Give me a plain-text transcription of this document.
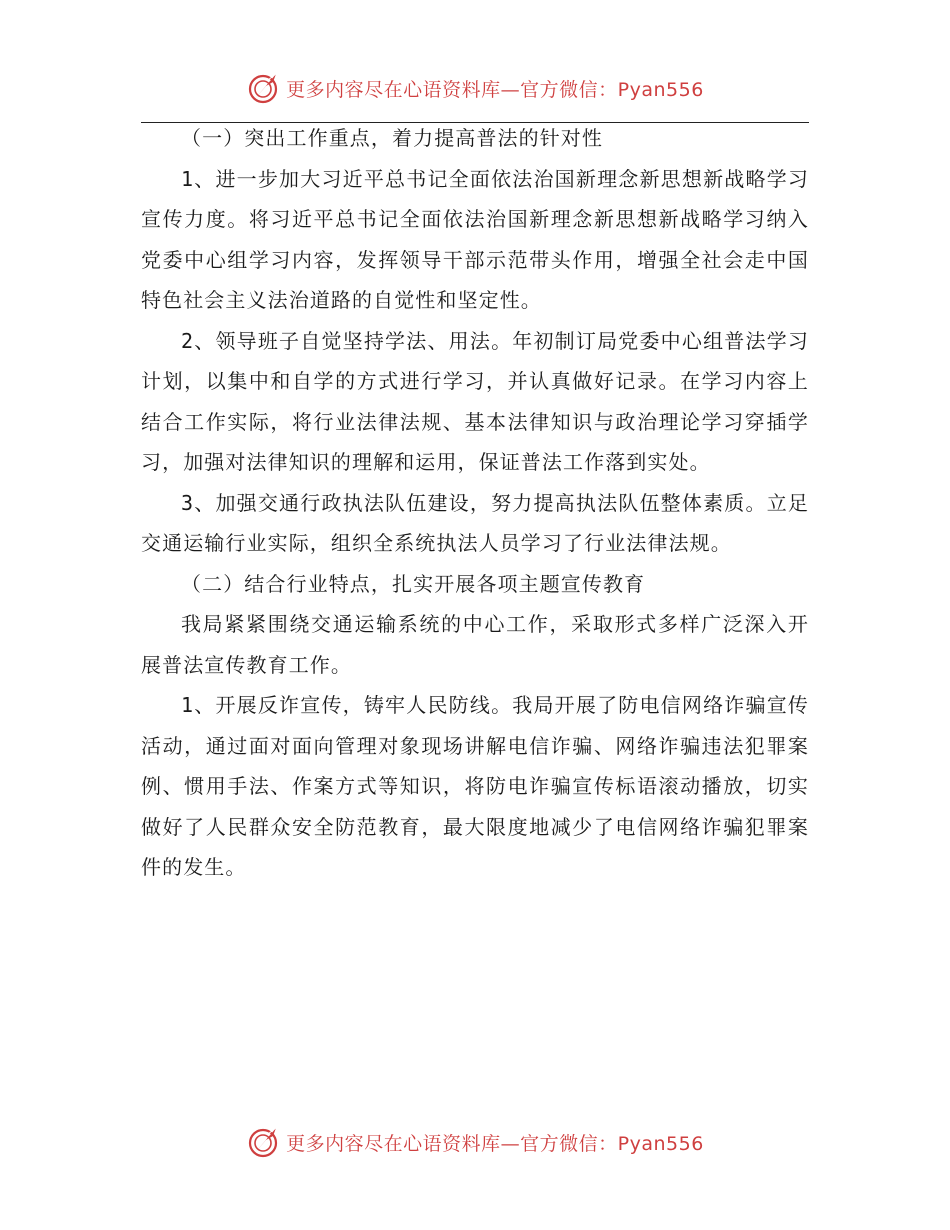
更多内容尽在心语资料库—官方微信：Pyan556

（一）突出工作重点，着力提高普法的针对性

1、进一步加大习近平总书记全面依法治国新理念新思想新战略学习宣传力度。将习近平总书记全面依法治国新理念新思想新战略学习纳入党委中心组学习内容，发挥领导干部示范带头作用，增强全社会走中国特色社会主义法治道路的自觉性和坚定性。

2、领导班子自觉坚持学法、用法。年初制订局党委中心组普法学习计划，以集中和自学的方式进行学习，并认真做好记录。在学习内容上结合工作实际，将行业法律法规、基本法律知识与政治理论学习穿插学习，加强对法律知识的理解和运用，保证普法工作落到实处。

3、加强交通行政执法队伍建设，努力提高执法队伍整体素质。立足交通运输行业实际，组织全系统执法人员学习了行业法律法规。

（二）结合行业特点，扎实开展各项主题宣传教育

我局紧紧围绕交通运输系统的中心工作，采取形式多样广泛深入开展普法宣传教育工作。

1、开展反诈宣传，铸牢人民防线。我局开展了防电信网络诈骗宣传活动，通过面对面向管理对象现场讲解电信诈骗、网络诈骗违法犯罪案例、惯用手法、作案方式等知识，将防电诈骗宣传标语滚动播放，切实做好了人民群众安全防范教育，最大限度地减少了电信网络诈骗犯罪案件的发生。

更多内容尽在心语资料库—官方微信：Pyan556
